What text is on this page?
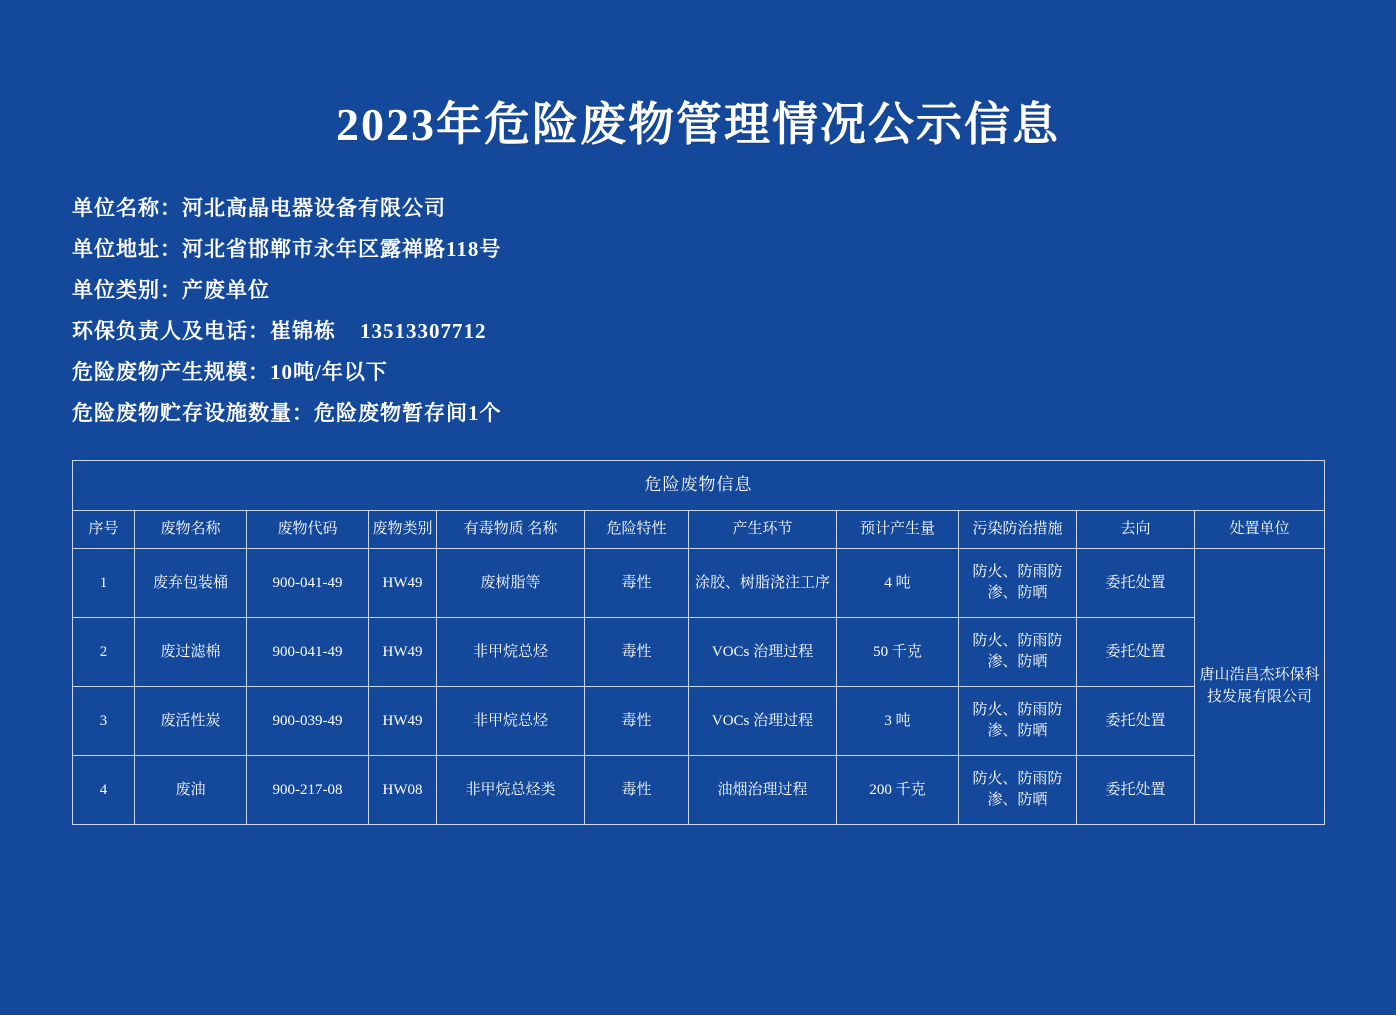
2023年危险废物管理情况公示信息
单位名称：河北高晶电器设备有限公司
单位地址：河北省邯郸市永年区露禅路118号
单位类别：产废单位
环保负责人及电话：崔锦栋 13513307712
危险废物产生规模：10吨/年以下
危险废物贮存设施数量：危险废物暂存间1个
危险废物信息										
序号	废物名称	废物代码	废物类别	有毒物质 名称	危险特性	产生环节	预计产生量	污染防治措施	去向	处置单位
1	废弃包装桶	900-041-49	HW49	废树脂等	毒性	涂胶、树脂浇注工序	4 吨	防火、防雨防渗、防晒	委托处置	唐山浩昌杰环保科技发展有限公司
2	废过滤棉	900-041-49	HW49	非甲烷总烃	毒性	VOCs 治理过程	50 千克	防火、防雨防渗、防晒	委托处置	
3	废活性炭	900-039-49	HW49	非甲烷总烃	毒性	VOCs 治理过程	3 吨	防火、防雨防渗、防晒	委托处置	
4	废油	900-217-08	HW08	非甲烷总烃类	毒性	油烟治理过程	200 千克	防火、防雨防渗、防晒	委托处置	
